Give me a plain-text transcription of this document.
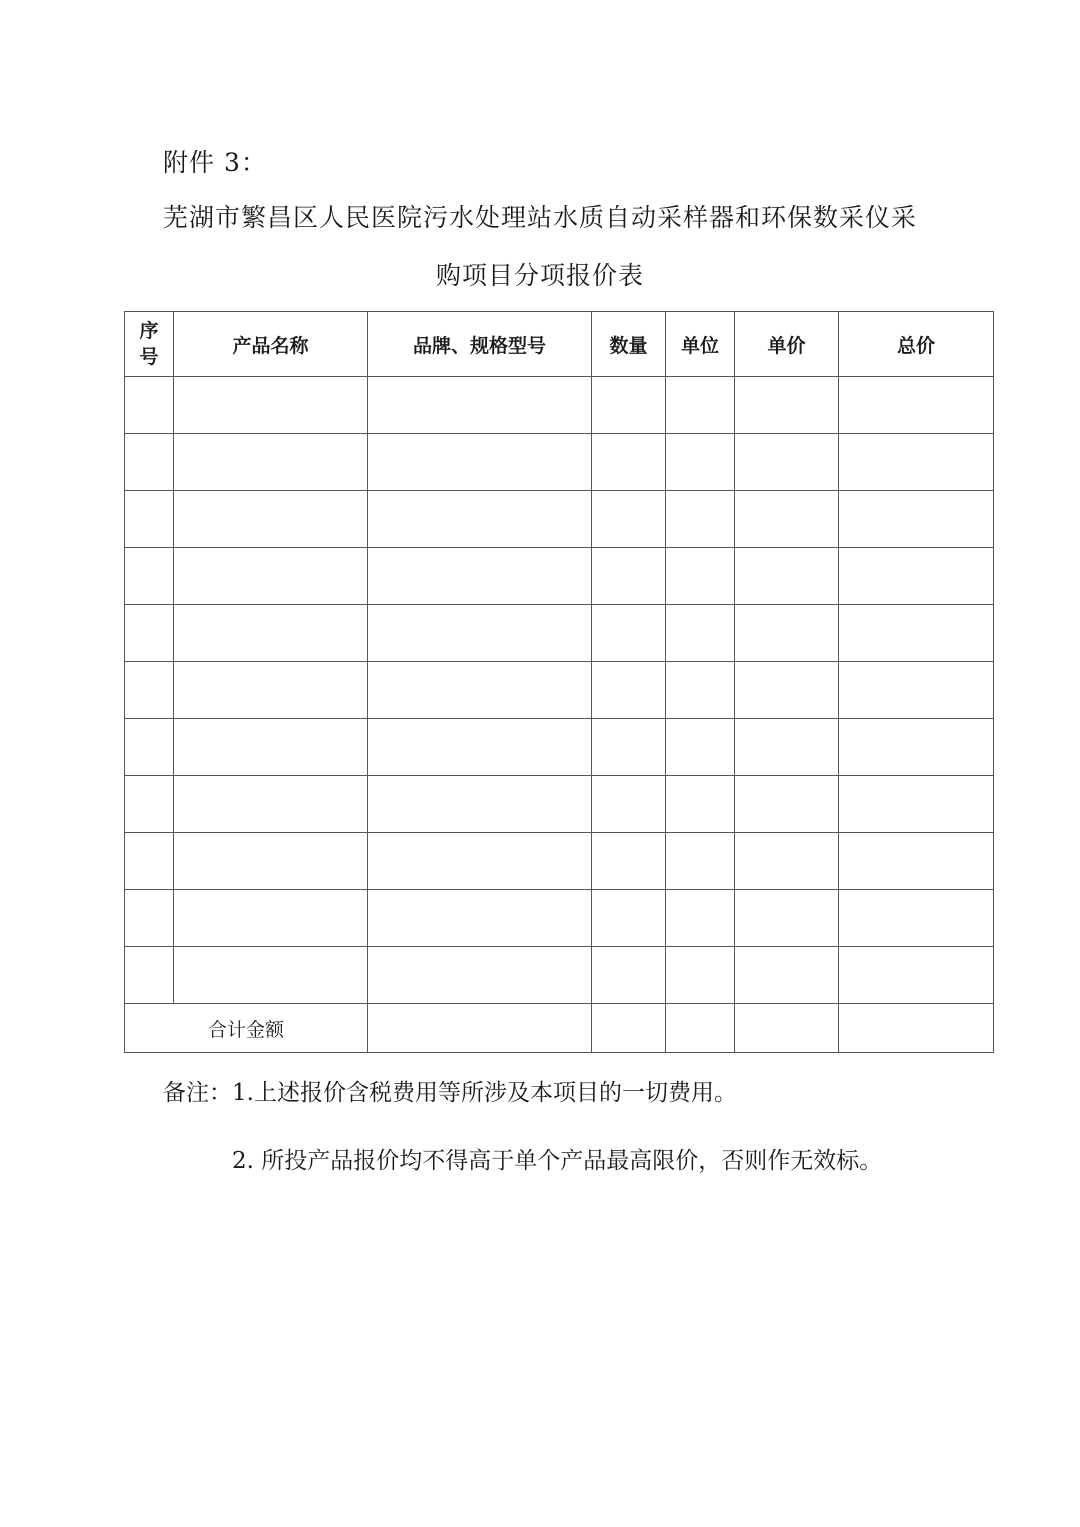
附件 3：
芜湖市繁昌区人民医院污水处理站水质自动采样器和环保数采仪采
购项目分项报价表
序
号	产品名称	品牌、规格型号	数量	单位	单价	总价

合计金额						
备注：1.上述报价含税费用等所涉及本项目的一切费用。
2. 所投产品报价均不得高于单个产品最高限价，否则作无效标。
